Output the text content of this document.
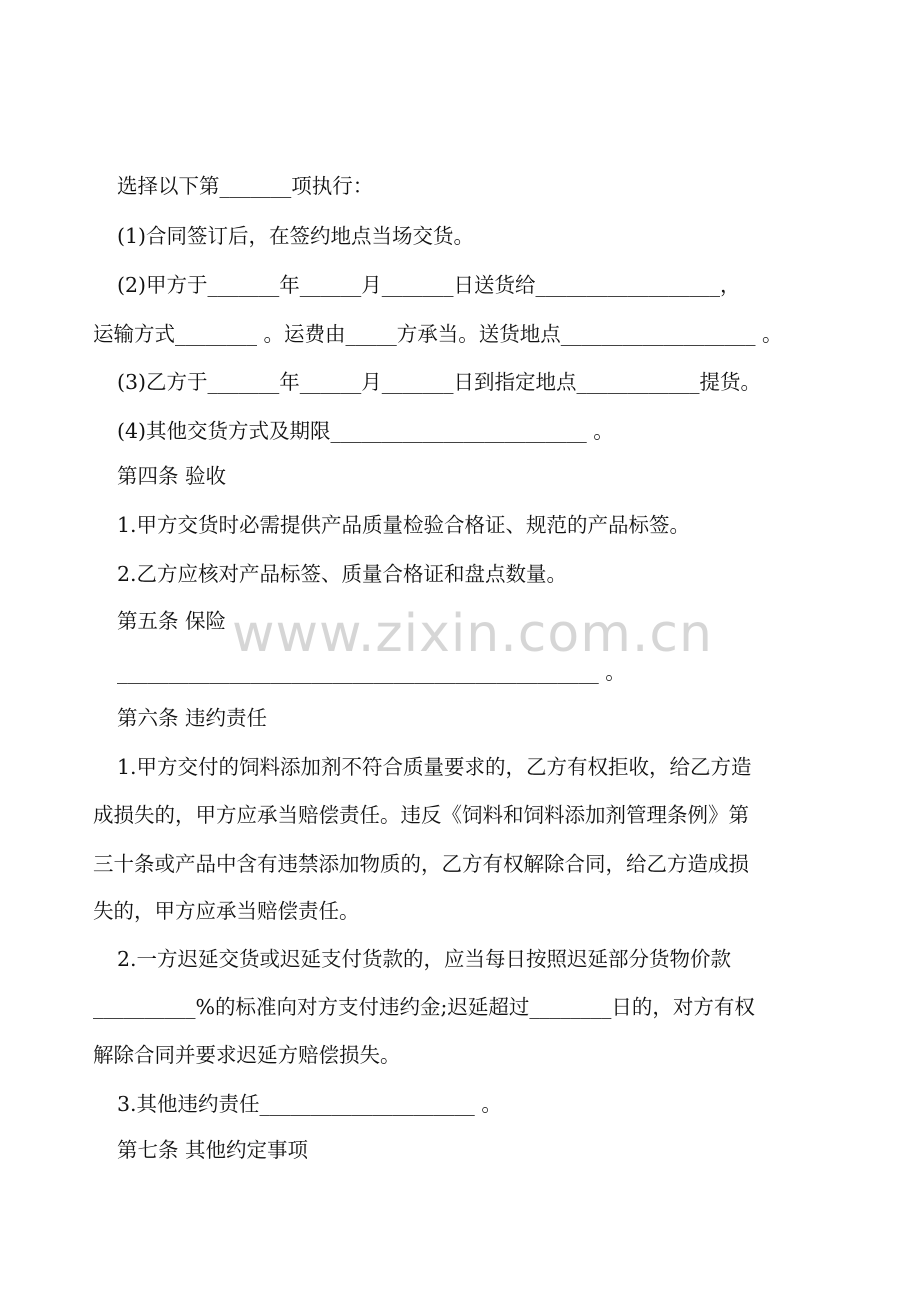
www.zixin.com.cn
选择以下第_______项执行：
(1)合同签订后，在签约地点当场交货。
(2)甲方于_______年______月_______日送货给__________________，
运输方式________ 。运费由_____方承当。送货地点___________________ 。
(3)乙方于_______年______月_______日到指定地点____________提货。
(4)其他交货方式及期限_________________________ 。
第四条 验收
1.甲方交货时必需提供产品质量检验合格证、规范的产品标签。
2.乙方应核对产品标签、质量合格证和盘点数量。
第五条 保险
_______________________________________________ 。
第六条 违约责任
1.甲方交付的饲料添加剂不符合质量要求的，乙方有权拒收，给乙方造
成损失的，甲方应承当赔偿责任。违反《饲料和饲料添加剂管理条例》第
三十条或产品中含有违禁添加物质的，乙方有权解除合同，给乙方造成损
失的，甲方应承当赔偿责任。
2.一方迟延交货或迟延支付货款的，应当每日按照迟延部分货物价款
__________%的标准向对方支付违约金;迟延超过________日的，对方有权
解除合同并要求迟延方赔偿损失。
3.其他违约责任_____________________ 。
第七条 其他约定事项
